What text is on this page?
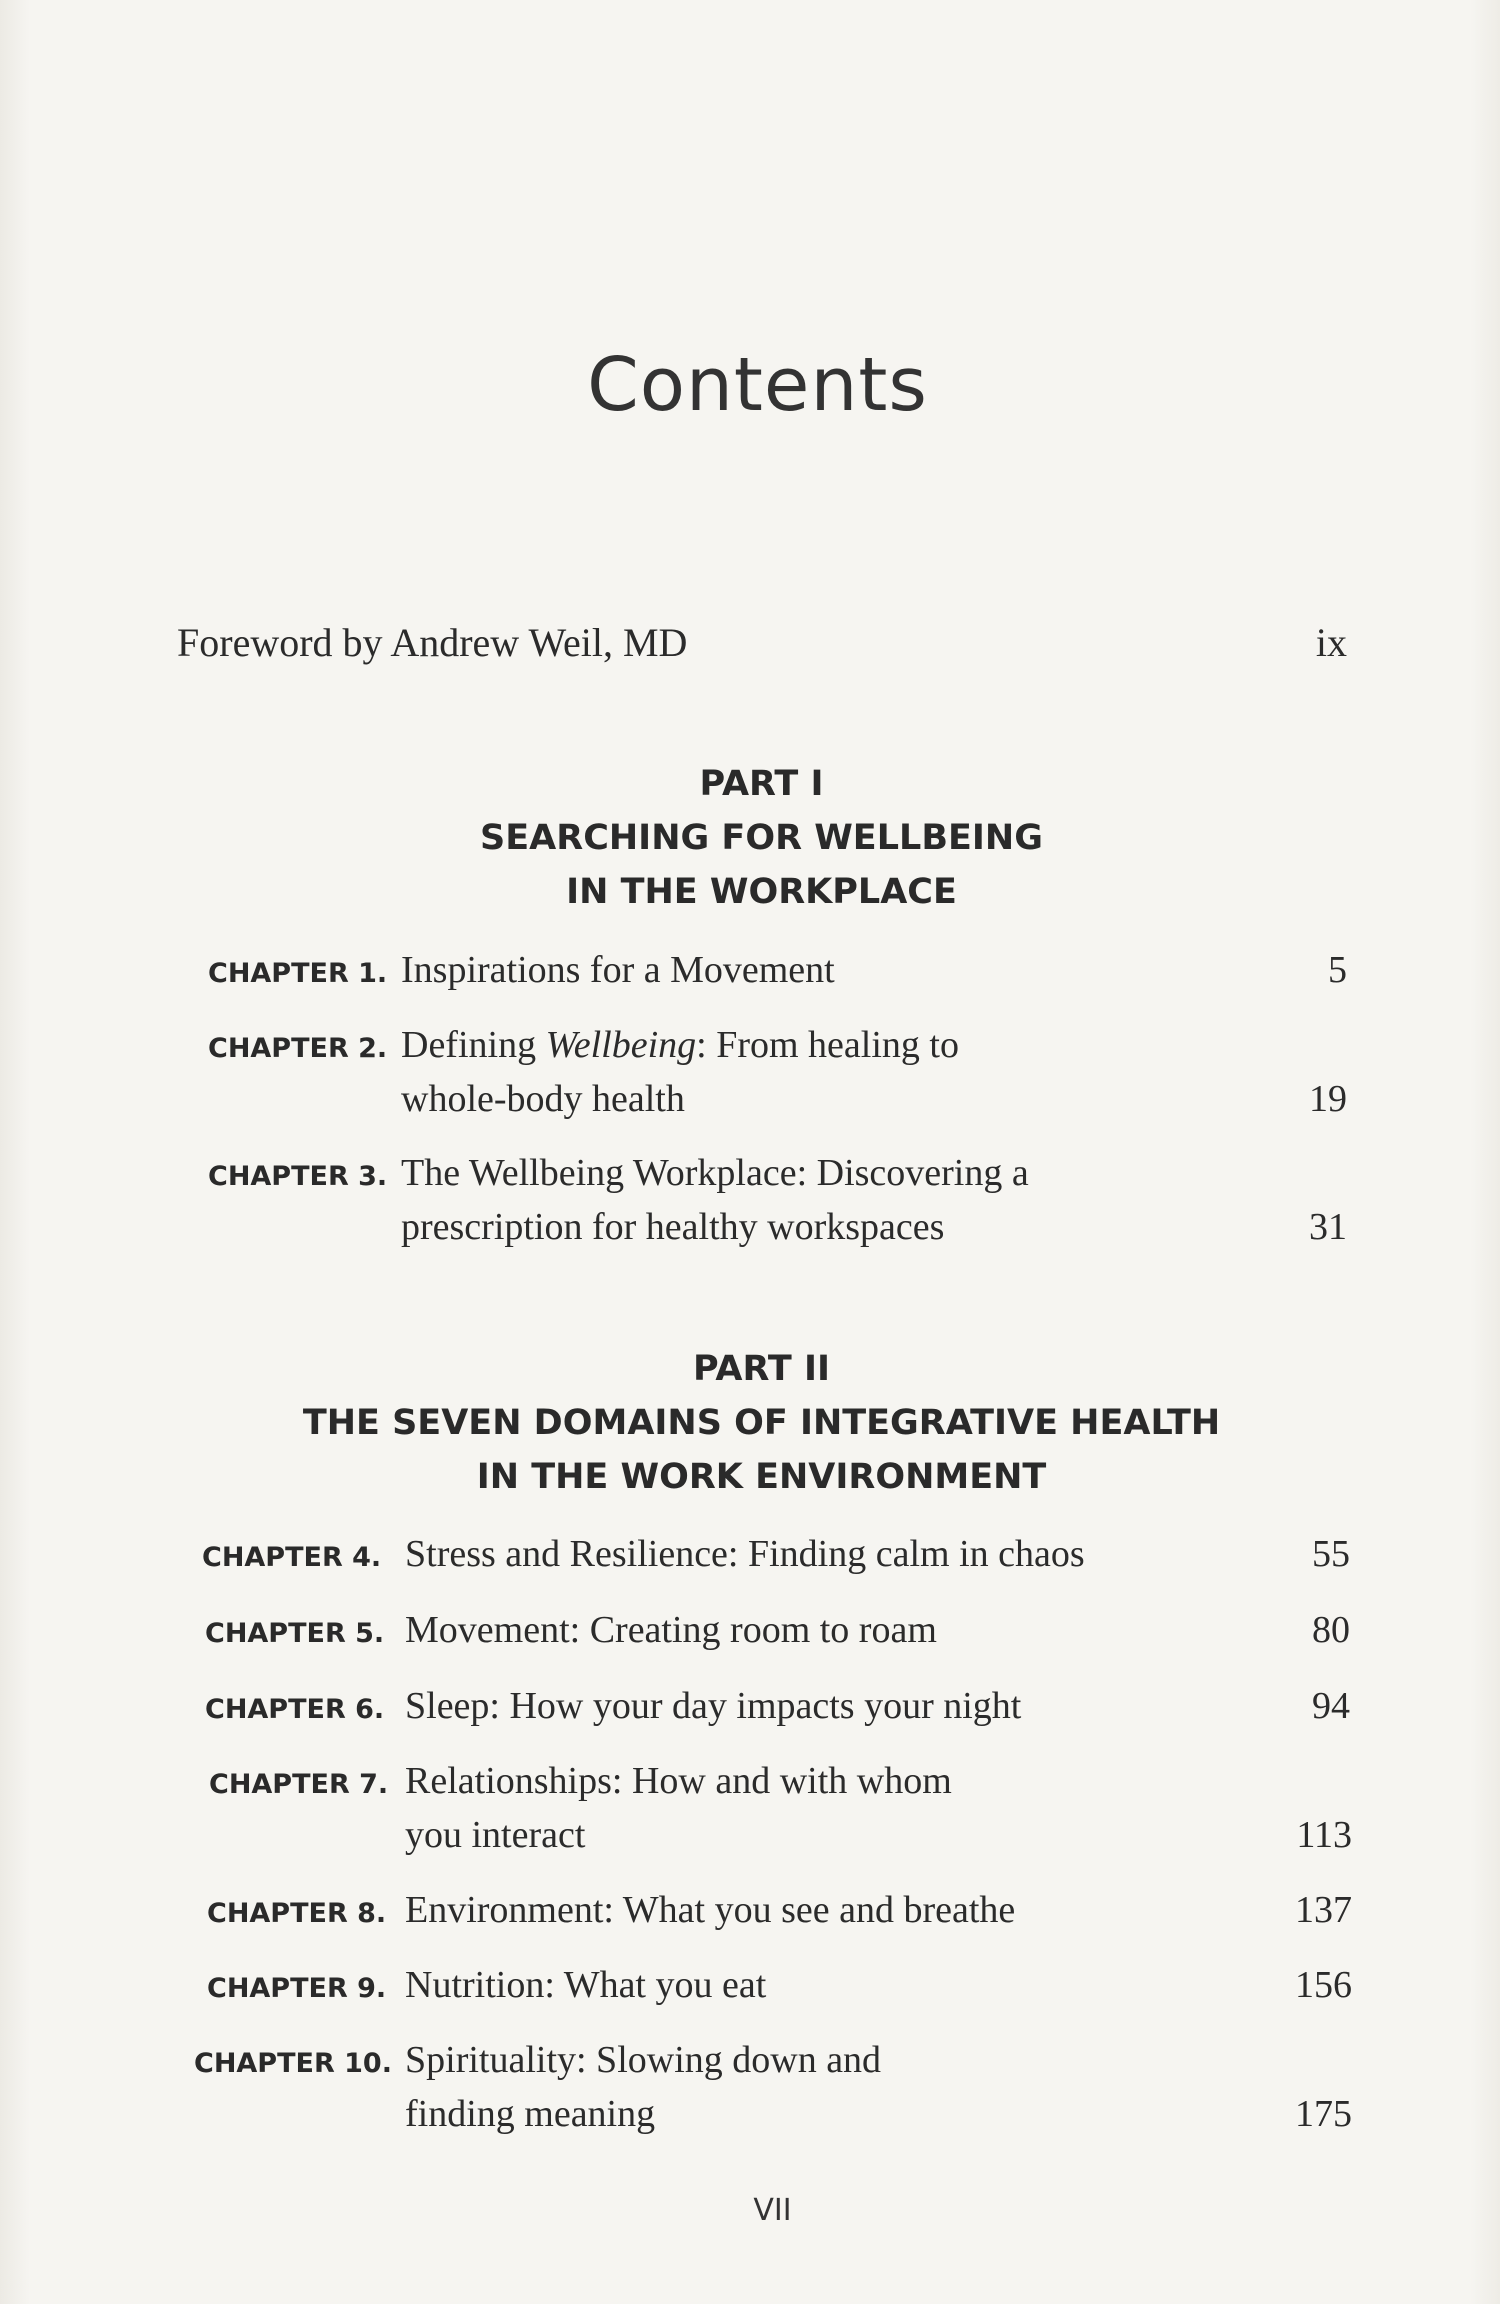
Contents
Foreword by Andrew Weil, MD	ix
PART I
SEARCHING FOR WELLBEING
IN THE WORKPLACE
CHAPTER 1. Inspirations for a Movement	5
CHAPTER 2. Defining Wellbeing: From healing to
whole-body health	19
CHAPTER 3. The Wellbeing Workplace: Discovering a
prescription for healthy workspaces	31
PART II
THE SEVEN DOMAINS OF INTEGRATIVE HEALTH
IN THE WORK ENVIRONMENT
CHAPTER 4. Stress and Resilience: Finding calm in chaos	55
CHAPTER 5. Movement: Creating room to roam	80
CHAPTER 6. Sleep: How your day impacts your night	94
CHAPTER 7. Relationships: How and with whom
you interact	113
CHAPTER 8. Environment: What you see and breathe	137
CHAPTER 9. Nutrition: What you eat	156
CHAPTER 10. Spirituality: Slowing down and
finding meaning	175
VII
